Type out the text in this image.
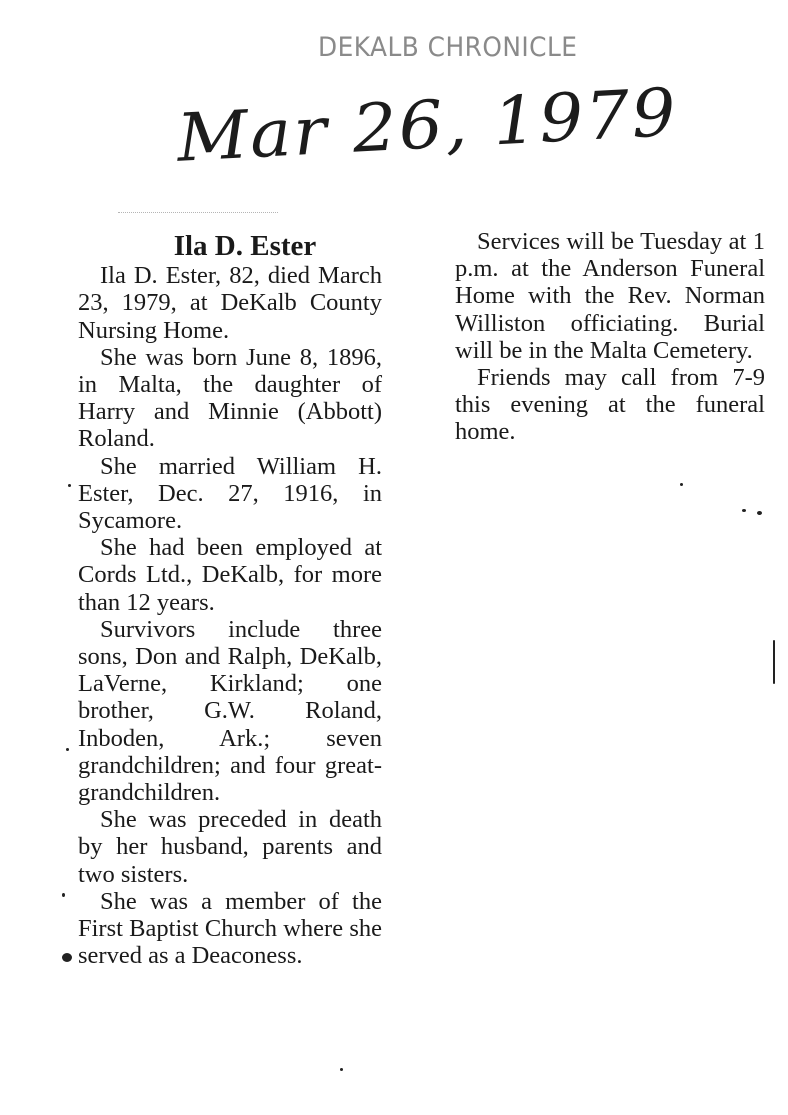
DEKALB CHRONICLE
Mar 26, 1979
Ila D. Ester

Ila D. Ester, 82, died March 23, 1979, at DeKalb County Nursing Home.

She was born June 8, 1896, in Malta, the daughter of Harry and Minnie (Abbott) Roland.

She married William H. Ester, Dec. 27, 1916, in Sycamore.

She had been employed at Cords Ltd., DeKalb, for more than 12 years.

Survivors include three sons, Don and Ralph, DeKalb, LaVerne, Kirkland; one brother, G.W. Roland, Inboden, Ark.; seven grandchildren; and four great-grandchildren.

She was preceded in death by her husband, parents and two sisters.

She was a member of the First Baptist Church where she served as a Deaconess.

Services will be Tuesday at 1 p.m. at the Anderson Funeral Home with the Rev. Norman Williston officiating. Burial will be in the Malta Cemetery.

Friends may call from 7-9 this evening at the funeral home.
